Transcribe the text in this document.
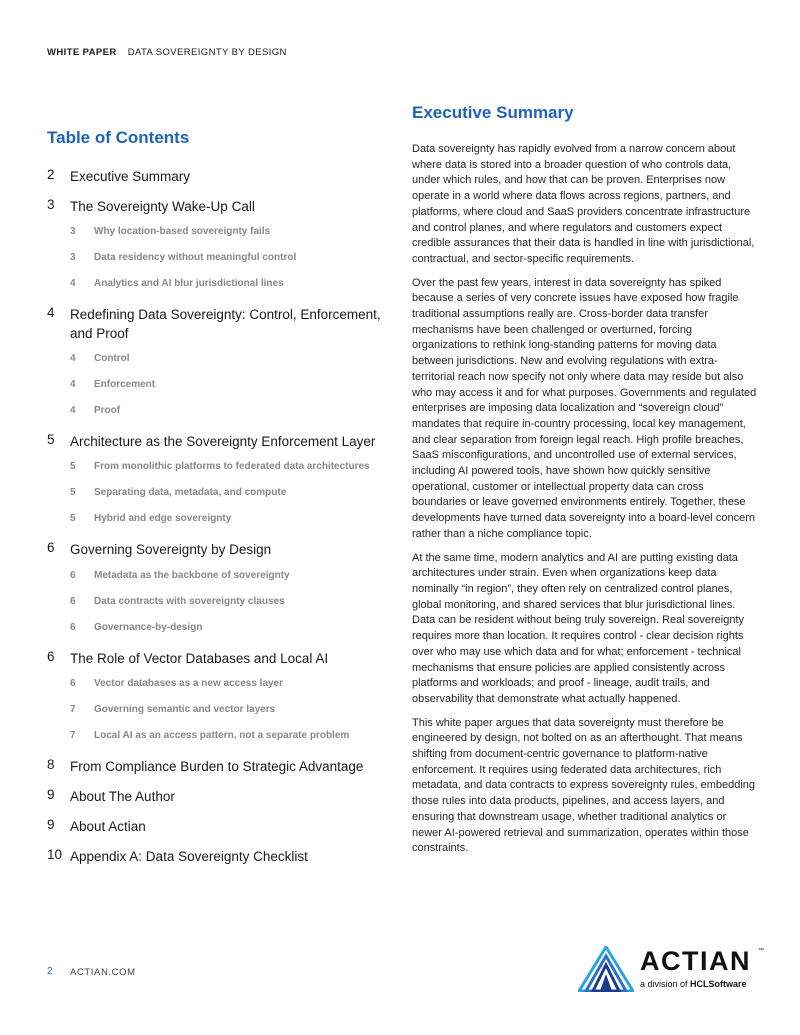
WHITE PAPER DATA SOVEREIGNTY BY DESIGN
Table of Contents
2	Executive Summary
3	The Sovereignty Wake-Up Call
3	Why location-based sovereignty fails
3	Data residency without meaningful control
4	Analytics and AI blur jurisdictional lines
4	Redefining Data Sovereignty: Control, Enforcement, and Proof
4	Control
4	Enforcement
4	Proof
5	Architecture as the Sovereignty Enforcement Layer
5	From monolithic platforms to federated data architectures
5	Separating data, metadata, and compute
5	Hybrid and edge sovereignty
6	Governing Sovereignty by Design
6	Metadata as the backbone of sovereignty
6	Data contracts with sovereignty clauses
6	Governance-by-design
6	The Role of Vector Databases and Local AI
6	Vector databases as a new access layer
7	Governing semantic and vector layers
7	Local AI as an access pattern, not a separate problem
8	From Compliance Burden to Strategic Advantage
9	About The Author
9	About Actian
10 Appendix A: Data Sovereignty Checklist
Executive Summary

Data sovereignty has rapidly evolved from a narrow concern about where data is stored into a broader question of who controls data, under which rules, and how that can be proven. Enterprises now operate in a world where data flows across regions, partners, and platforms, where cloud and SaaS providers concentrate infrastructure and control planes, and where regulators and customers expect credible assurances that their data is handled in line with jurisdictional, contractual, and sector-specific requirements.

Over the past few years, interest in data sovereignty has spiked because a series of very concrete issues have exposed how fragile traditional assumptions really are. Cross-border data transfer mechanisms have been challenged or overturned, forcing organizations to rethink long-standing patterns for moving data between jurisdictions. New and evolving regulations with extra-territorial reach now specify not only where data may reside but also who may access it and for what purposes. Governments and regulated enterprises are imposing data localization and “sovereign cloud” mandates that require in-country processing, local key management, and clear separation from foreign legal reach. High profile breaches, SaaS misconfigurations, and uncontrolled use of external services, including AI powered tools, have shown how quickly sensitive operational, customer or intellectual property data can cross boundaries or leave governed environments entirely. Together, these developments have turned data sovereignty into a board-level concern rather than a niche compliance topic.

At the same time, modern analytics and AI are putting existing data architectures under strain. Even when organizations keep data nominally “in region”, they often rely on centralized control planes, global monitoring, and shared services that blur jurisdictional lines. Data can be resident without being truly sovereign. Real sovereignty requires more than location. It requires control - clear decision rights over who may use which data and for what; enforcement - technical mechanisms that ensure policies are applied consistently across platforms and workloads; and proof - lineage, audit trails, and observability that demonstrate what actually happened.

This white paper argues that data sovereignty must therefore be engineered by design, not bolted on as an afterthought. That means shifting from document-centric governance to platform-native enforcement. It requires using federated data architectures, rich metadata, and data contracts to express sovereignty rules, embedding those rules into data products, pipelines, and access layers, and ensuring that downstream usage, whether traditional analytics or newer AI-powered retrieval and summarization, operates within those constraints.

2 ACTIAN.COM	ACTIAN ™
a division of HCLSoftware
